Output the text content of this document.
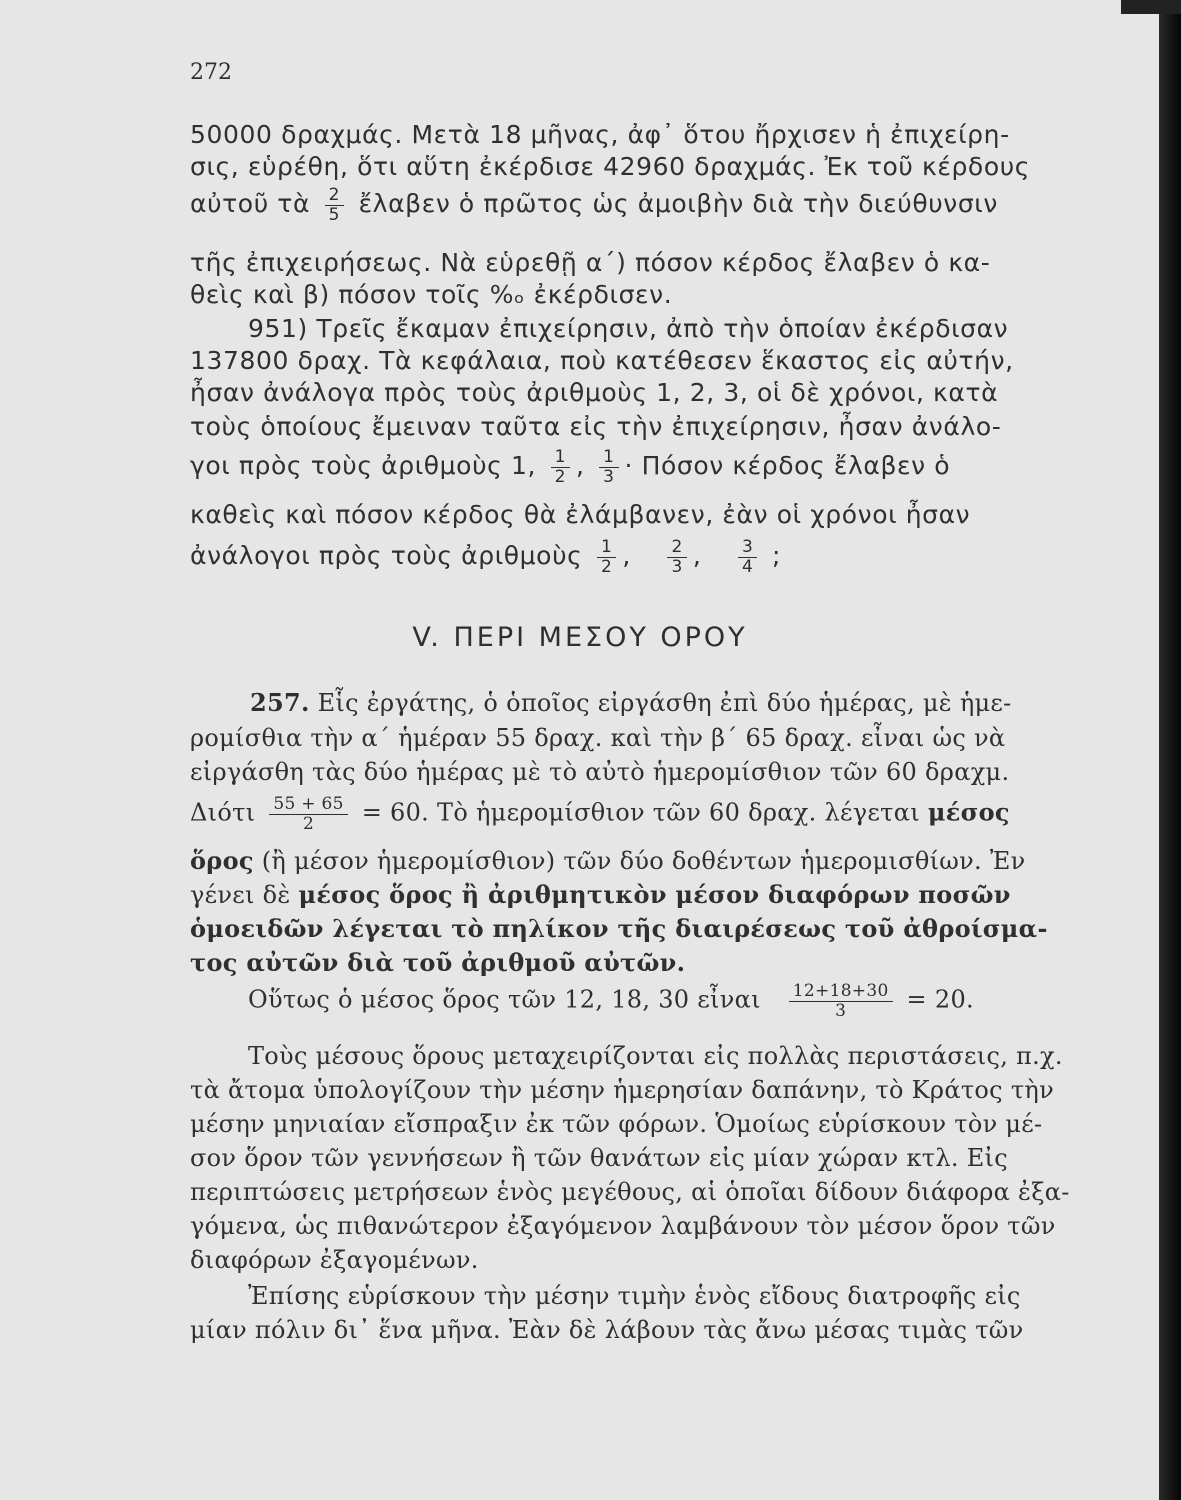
272
50000 δραχμάς. Μετὰ 18 μῆνας, ἀφ᾽ ὅτου ἤρχισεν ἡ ἐπιχείρη-
σις, εὑρέθη, ὅτι αὕτη ἐκέρδισε 42960 δραχμάς. Ἐκ τοῦ κέρδους
αὐτοῦ τὰ $\frac{2}{5}$ ἔλαβεν ὁ πρῶτος ὡς ἀμοιβὴν διὰ τὴν διεύθυνσιν
τῆς ἐπιχειρήσεως. Νὰ εὑρεθῇ α΄) πόσον κέρδος ἔλαβεν ὁ κα-
θεὶς καὶ β) πόσον τοῖς %ₒ ἐκέρδισεν.
951) Τρεῖς ἔκαμαν ἐπιχείρησιν, ἀπὸ τὴν ὁποίαν ἐκέρδισαν
137800 δραχ. Τὰ κεφάλαια, ποὺ κατέθεσεν ἕκαστος εἰς αὐτήν,
ἦσαν ἀνάλογα πρὸς τοὺς ἀριθμοὺς 1, 2, 3, οἱ δὲ χρόνοι, κατὰ
τοὺς ὁποίους ἔμειναν ταῦτα εἰς τὴν ἐπιχείρησιν, ἦσαν ἀνάλο-
γοι πρὸς τοὺς ἀριθμοὺς 1, $\frac{1}{2}$ , $\frac{1}{3} \cdot \Pi ό\sigma o\nu$ κέρδος ἔλαβεν ὁ
καθεὶς καὶ πόσον κέρδος θὰ ἐλάμβανεν, ἐὰν οἱ χρόνοι ἦσαν
ἀνάλογοι πρὸς τοὺς ἀριθμοὺς $\frac{1}{2}$ , $\frac{2}{3}$ , $\frac{3}{4}$ ;
V. ΠΕΡΙ ΜΕΣΟΥ ΟΡΟΥ
257. Εἷς ἐργάτης, ὁ ὁποῖος εἰργάσθη ἐπὶ δύο ἡμέρας, μὲ ἡμε-
ρομίσθια τὴν α΄ ἡμέραν 55 δραχ. καὶ τὴν β΄ 65 δραχ. εἶναι ὡς νὰ
εἰργάσθη τὰς δύο ἡμέρας μὲ τὸ αὐτὸ ἡμερομίσθιον τῶν 60 δραχμ.
Διότι $\frac{55 + 65}{2} = 60$. Τὸ ἡμερομίσθιον τῶν 60 δραχ. λέγεται μέσος
ὅρος (ἢ μέσον ἡμερομίσθιον) τῶν δύο δοθέντων ἡμερομισθίων. Ἐν
γένει δὲ μέσος ὅρος ἢ ἀριθμητικὸν μέσον διαφόρων ποσῶν
ὁμοειδῶν λέγεται τὸ πηλίκον τῆς διαιρέσεως τοῦ ἀθροίσμα-
τος αὐτῶν διὰ τοῦ ἀριθμοῦ αὐτῶν.
Οὕτως ὁ μέσος ὅρος τῶν 12, 18, 30 εἶναι $\frac{12+18+30}{3} = 20$.
Τοὺς μέσους ὅρους μεταχειρίζονται εἰς πολλὰς περιστάσεις, π.χ.
τὰ ἄτομα ὑπολογίζουν τὴν μέσην ἡμερησίαν δαπάνην, τὸ Κράτος τὴν
μέσην μηνιαίαν εἴσπραξιν ἐκ τῶν φόρων. Ὁμοίως εὑρίσκουν τὸν μέ-
σον ὅρον τῶν γεννήσεων ἢ τῶν θανάτων εἰς μίαν χώραν κτλ. Εἰς
περιπτώσεις μετρήσεων ἑνὸς μεγέθους, αἱ ὁποῖαι δίδουν διάφορα ἐξα-
γόμενα, ὡς πιθανώτερον ἐξαγόμενον λαμβάνουν τὸν μέσον ὅρον τῶν
διαφόρων ἐξαγομένων.
Ἐπίσης εὑρίσκουν τὴν μέσην τιμὴν ἑνὸς εἴδους διατροφῆς εἰς
μίαν πόλιν δι᾽ ἕνα μῆνα. Ἐὰν δὲ λάβουν τὰς ἄνω μέσας τιμὰς τῶν
